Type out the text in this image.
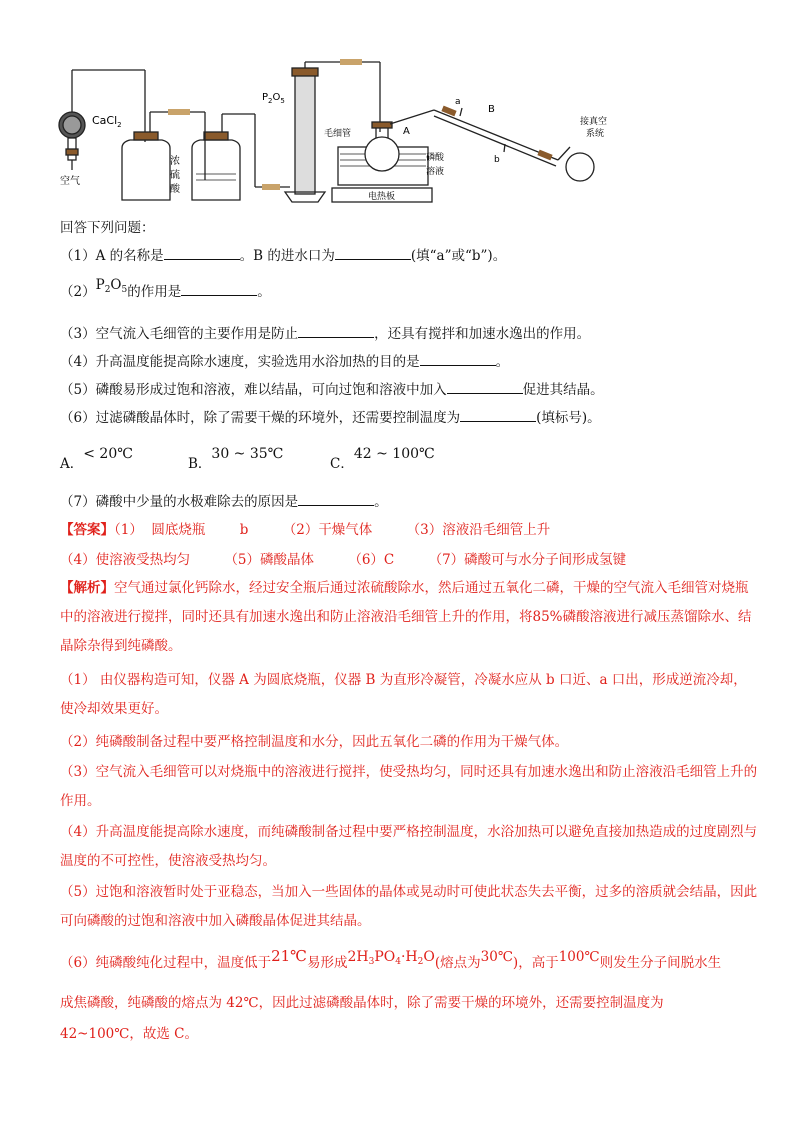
CaCl$_2$
空气
浓
硫
酸
$P_2O_5$
毛细管	A
磷酸
溶液
电热板
a
b
B
接真空
系统
回答下列问题：
（1）A 的名称是	。B 的进水口为	(填“a”或“b”)。
$(2)P_2O_5$的作用是	。
（3）空气流入毛细管的主要作用是防止	，还具有搅拌和加速水逸出的作用。
（4）升高温度能提高除水速度，实验选用水浴加热的目的是	。
（5）磷酸易形成过饱和溶液，难以结晶，可向过饱和溶液中加入	促进其结晶。
（6）过滤磷酸晶体时，除了需要干燥的环境外，还需要控制温度为	(填标号)。
A．< 20℃
B．30 ~ 35℃
C．42 ~ 100℃
（7）磷酸中少量的水极难除去的原因是	。
【答案】（1）  圆底烧瓶        b        （2）干燥气体        （3）溶液沿毛细管上升
（4）使溶液受热均匀        （5）磷酸晶体        （6）C        （7）磷酸可与水分子间形成氢键
【解析】空气通过氯化钙除水，经过安全瓶后通过浓硫酸除水，然后通过五氧化二磷，干燥的空气流入毛细管对烧瓶中的溶液进行搅拌，同时还具有加速水逸出和防止溶液沿毛细管上升的作用，将85%磷酸溶液进行减压蒸馏除水、结晶除杂得到纯磷酸。
（1） 由仪器构造可知，仪器 A 为圆底烧瓶，仪器 B 为直形冷凝管，冷凝水应从 b 口近、a 口出，形成逆流冷却，使冷却效果更好。
（2）纯磷酸制备过程中要严格控制温度和水分，因此五氧化二磷的作用为干燥气体。
（3）空气流入毛细管可以对烧瓶中的溶液进行搅拌，使受热均匀，同时还具有加速水逸出和防止溶液沿毛细管上升的作用。
（4）升高温度能提高除水速度，而纯磷酸制备过程中要严格控制温度，水浴加热可以避免直接加热造成的过度剧烈与温度的不可控性，使溶液受热均匀。
（5）过饱和溶液暂时处于亚稳态，当加入一些固体的晶体或晃动时可使此状态失去平衡，过多的溶质就会结晶，因此可向磷酸的过饱和溶液中加入磷酸晶体促进其结晶。
（6）纯磷酸纯化过程中，温度低于21℃易形成$2H_3PO_4\cdot H_2O$(熔点为30℃)，高于100℃则发生分子间脱水生
成焦磷酸，纯磷酸的熔点为 42℃，因此过滤磷酸晶体时，除了需要干燥的环境外，还需要控制温度为
42~100℃，故选 C。
